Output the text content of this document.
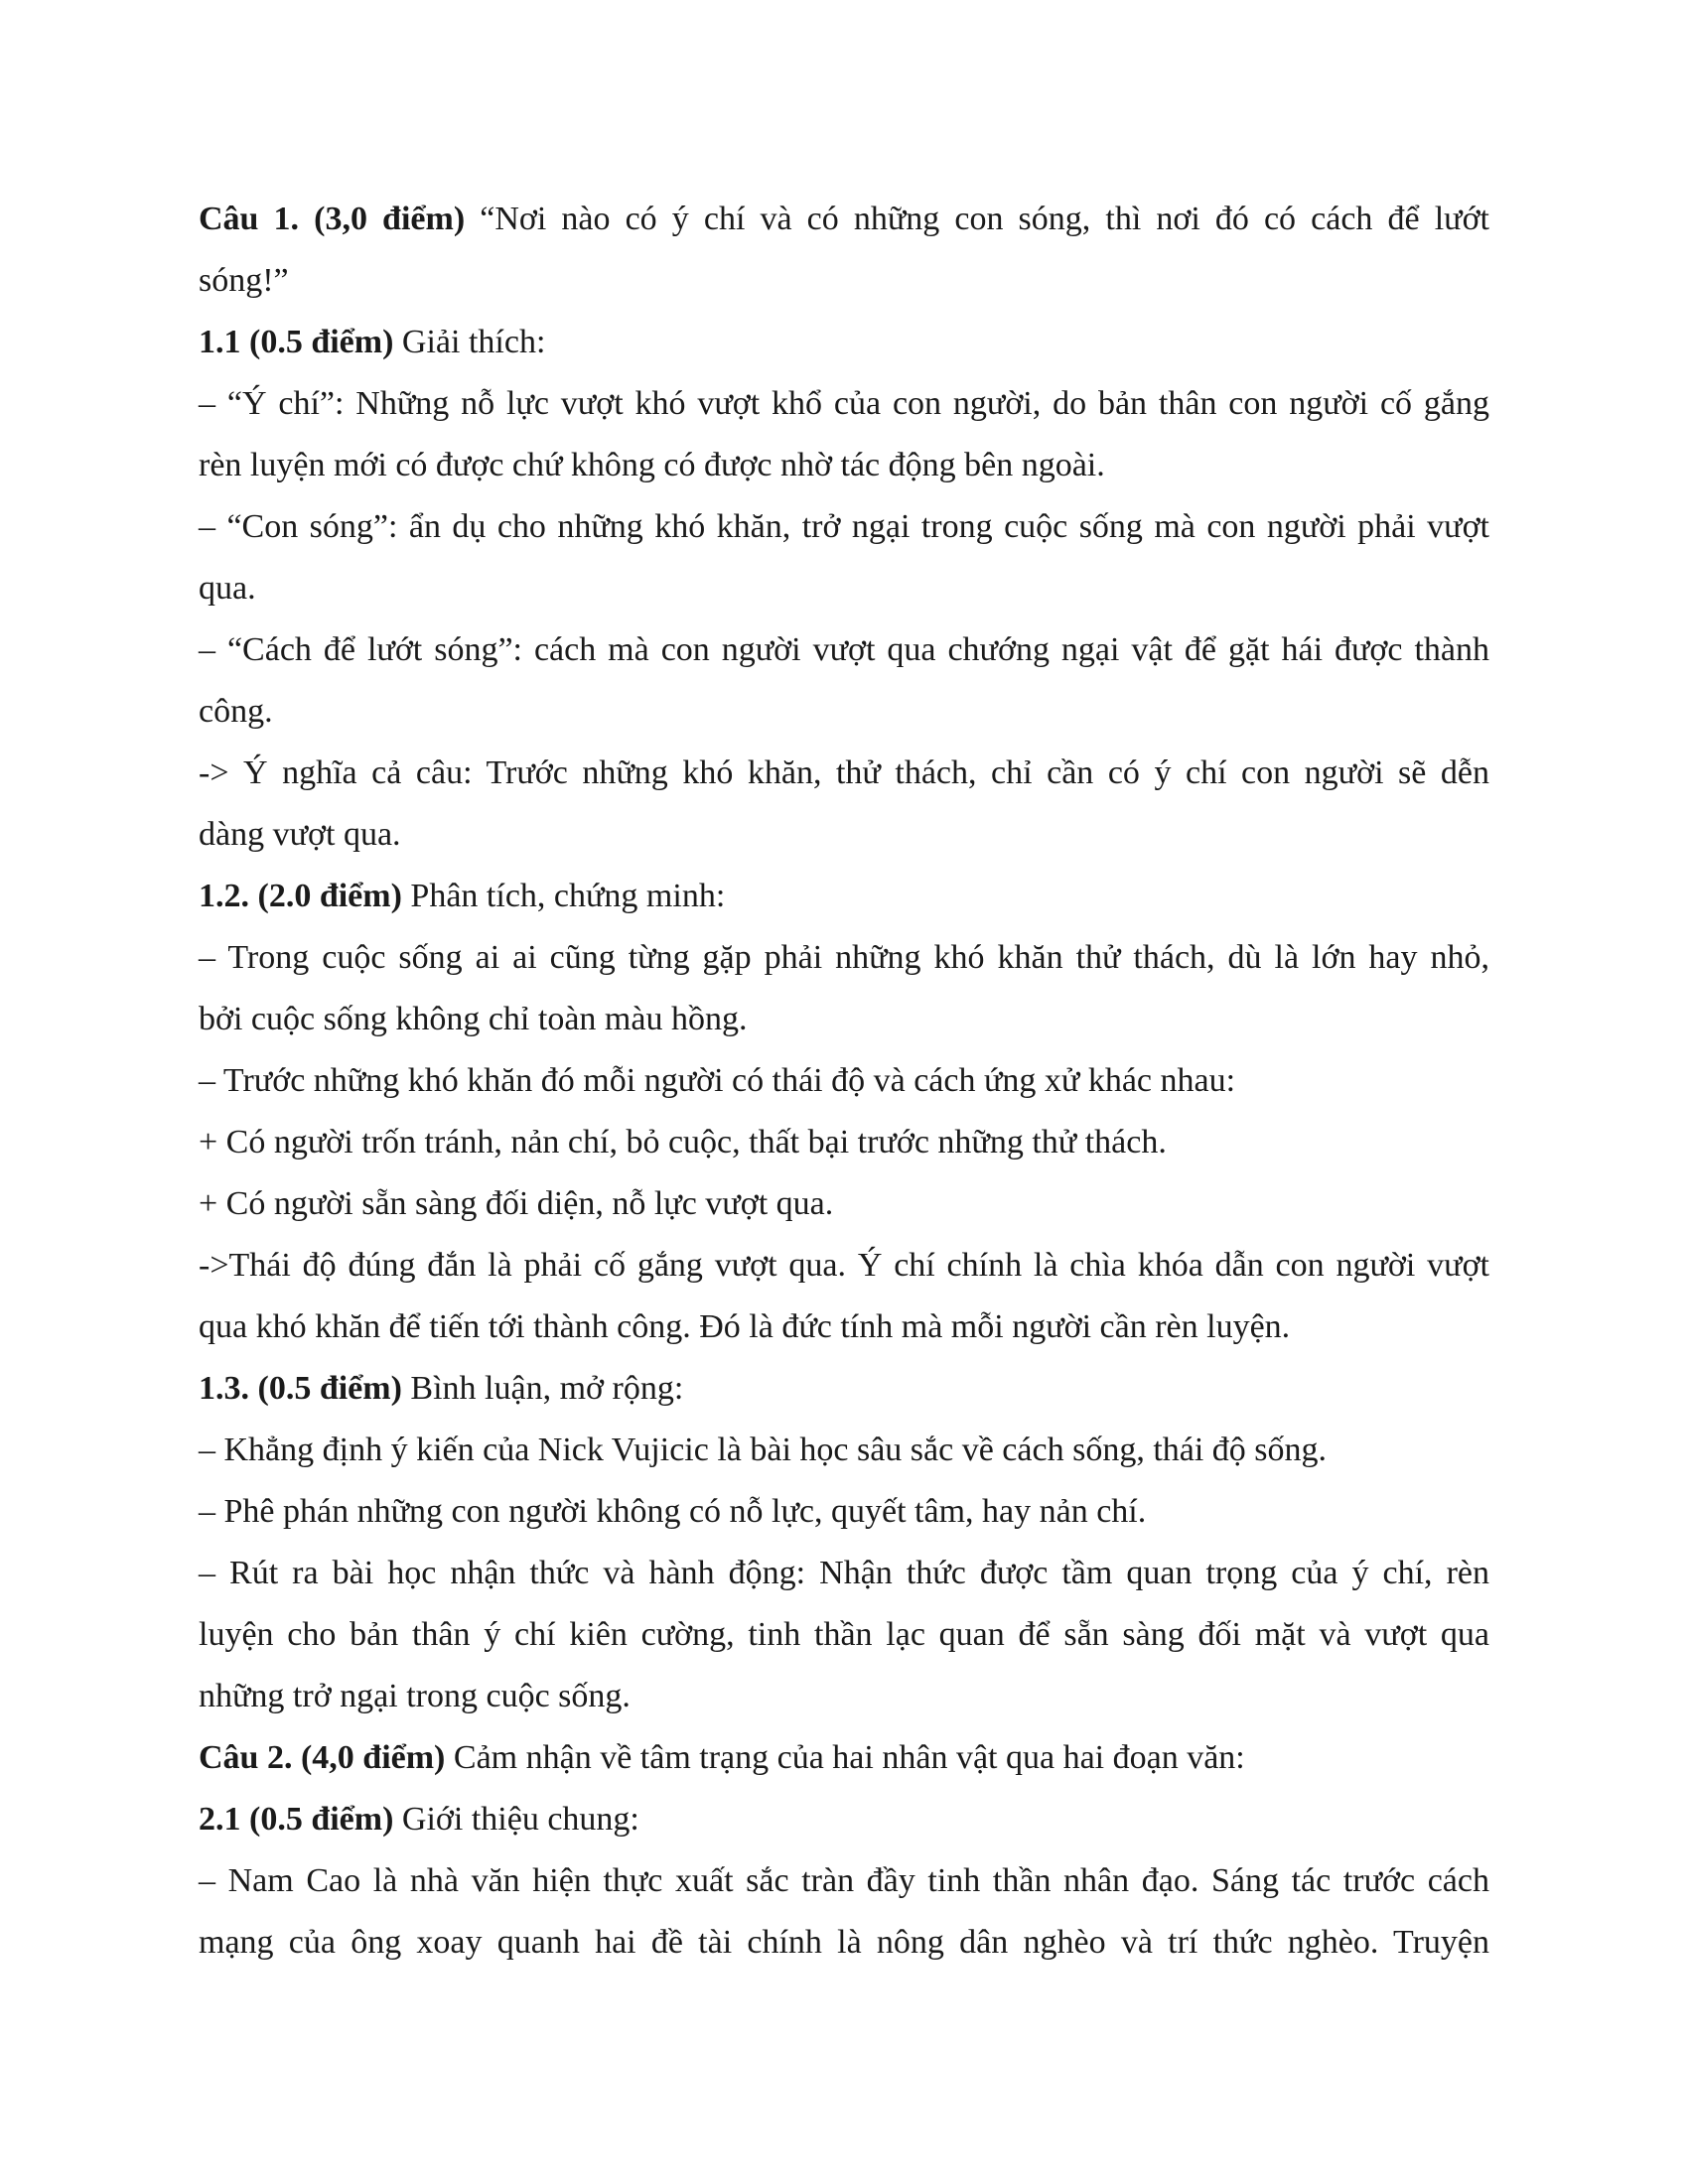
Câu 1. (3,0 điểm) “Nơi nào có ý chí và có những con sóng, thì nơi đó có cách để lướt

sóng!”

1.1 (0.5 điểm) Giải thích:

– “Ý chí”: Những nỗ lực vượt khó vượt khổ của con người, do bản thân con người cố gắng

rèn luyện mới có được chứ không có được nhờ tác động bên ngoài.

– “Con sóng”: ẩn dụ cho những khó khăn, trở ngại trong cuộc sống mà con người phải vượt

qua.

– “Cách để lướt sóng”: cách mà con người vượt qua chướng ngại vật để gặt hái được thành

công.

-> Ý nghĩa cả câu: Trước những khó khăn, thử thách, chỉ cần có ý chí con người sẽ dễn

dàng vượt qua.

1.2. (2.0 điểm) Phân tích, chứng minh:

– Trong cuộc sống ai ai cũng từng gặp phải những khó khăn thử thách, dù là lớn hay nhỏ,

bởi cuộc sống không chỉ toàn màu hồng.

– Trước những khó khăn đó mỗi người có thái độ và cách ứng xử khác nhau:

+ Có người trốn tránh, nản chí, bỏ cuộc, thất bại trước những thử thách.

+ Có người sẵn sàng đối diện, nỗ lực vượt qua.

->Thái độ đúng đắn là phải cố gắng vượt qua. Ý chí chính là chìa khóa dẫn con người vượt

qua khó khăn để tiến tới thành công. Đó là đức tính mà mỗi người cần rèn luyện.

1.3. (0.5 điểm) Bình luận, mở rộng:

– Khẳng định ý kiến của Nick Vujicic là bài học sâu sắc về cách sống, thái độ sống.

– Phê phán những con người không có nỗ lực, quyết tâm, hay nản chí.

– Rút ra bài học nhận thức và hành động: Nhận thức được tầm quan trọng của ý chí, rèn

luyện cho bản thân ý chí kiên cường, tinh thần lạc quan để sẵn sàng đối mặt và vượt qua

những trở ngại trong cuộc sống.

Câu 2. (4,0 điểm) Cảm nhận về tâm trạng của hai nhân vật qua hai đoạn văn:

2.1 (0.5 điểm) Giới thiệu chung:

– Nam Cao là nhà văn hiện thực xuất sắc tràn đầy tinh thần nhân đạo. Sáng tác trước cách

mạng của ông xoay quanh hai đề tài chính là nông dân nghèo và trí thức nghèo. Truyện
